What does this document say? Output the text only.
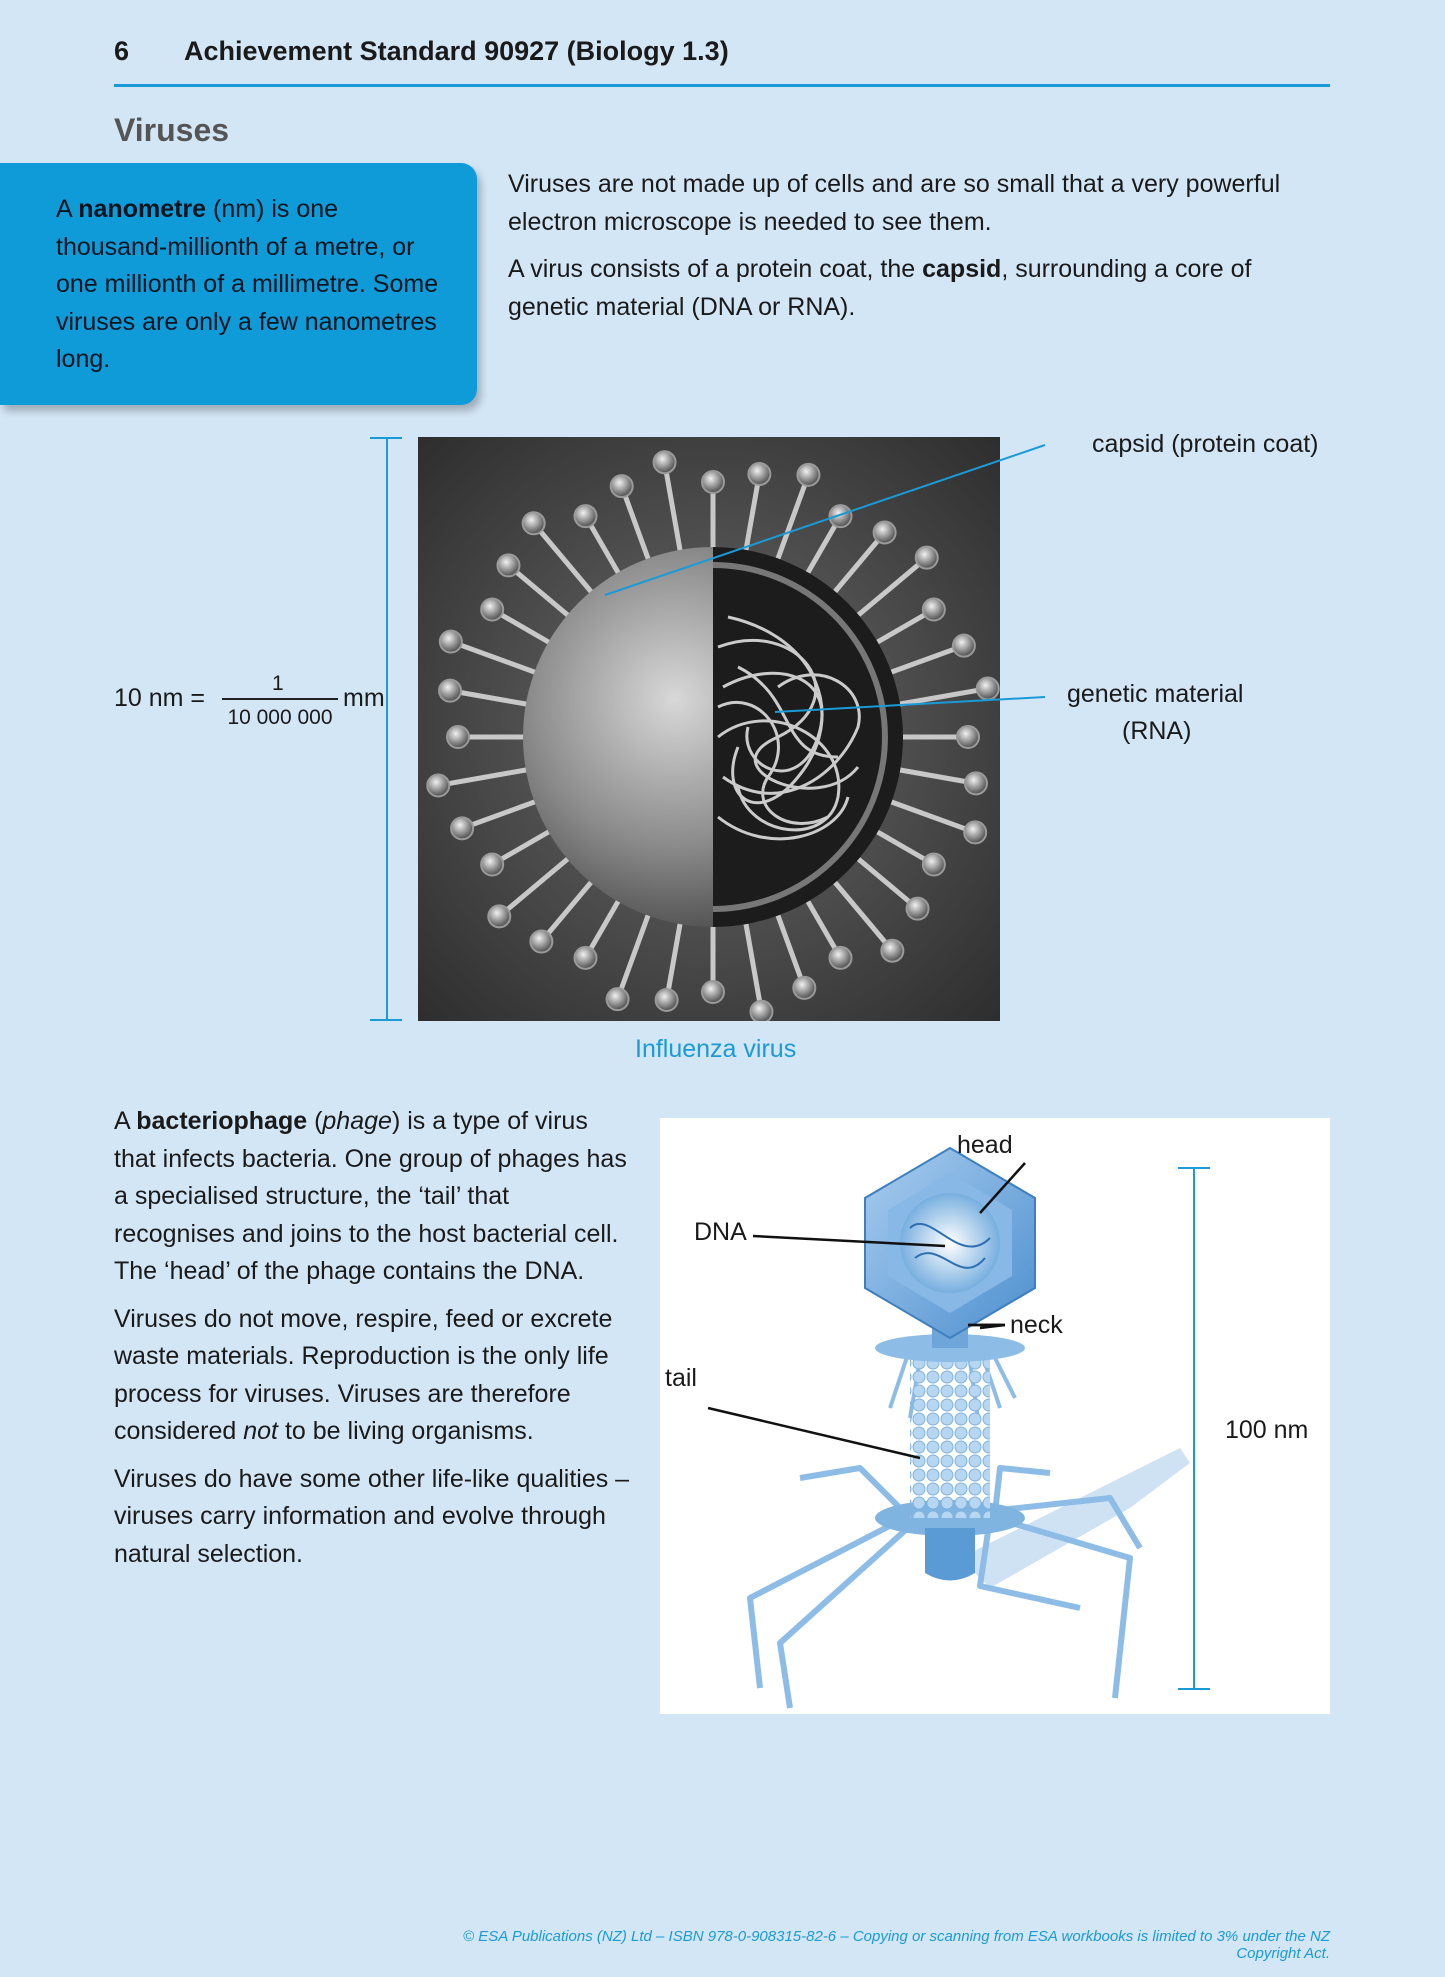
6 Achievement Standard 90927 (Biology 1.3)
Viruses
A nanometre (nm) is one thousand-millionth of a metre, or one millionth of a millimetre. Some viruses are only a few nanometres long.

Viruses are not made up of cells and are so small that a very powerful electron microscope is needed to see them.

A virus consists of a protein coat, the capsid, surrounding a core of genetic material (DNA or RNA).

10 nm =
1
10 000 000
mm
capsid (protein coat)
genetic material
(RNA)
Influenza virus

A bacteriophage (phage) is a type of virus that infects bacteria. One group of phages has a specialised structure, the ‘tail’ that recognises and joins to the host bacterial cell. The ‘head’ of the phage contains the DNA.

Viruses do not move, respire, feed or excrete waste materials. Reproduction is the only life process for viruses. Viruses are therefore considered not to be living organisms.

Viruses do have some other life-like qualities – viruses carry information and evolve through natural selection.

head
DNA
neck
tail
100 nm
© ESA Publications (NZ) Ltd – ISBN 978-0-908315-82-6 – Copying or scanning from ESA workbooks is limited to 3% under the NZ Copyright Act.
